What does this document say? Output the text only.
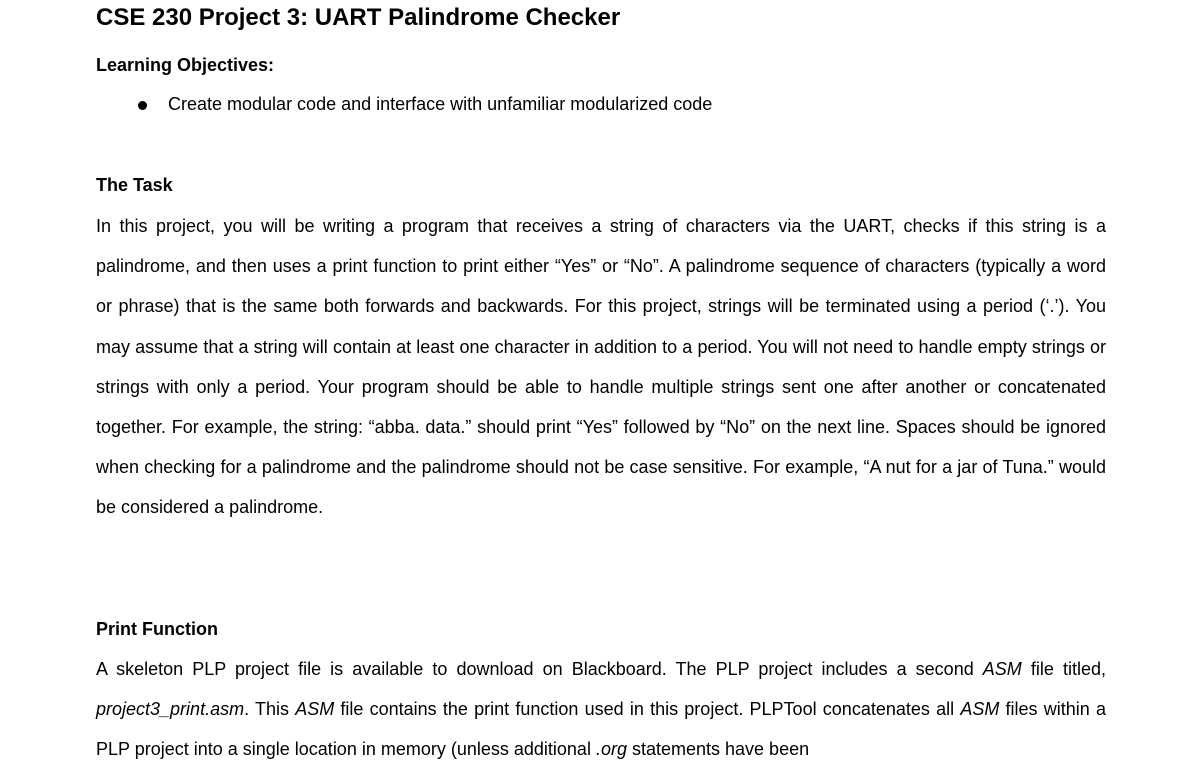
CSE 230 Project 3: UART Palindrome Checker
Learning Objectives:
Create modular code and interface with unfamiliar modularized code
The Task

In this project, you will be writing a program that receives a string of characters via the UART, checks if this string is a palindrome, and then uses a print function to print either “Yes” or “No”. A palindrome sequence of characters (typically a word or phrase) that is the same both forwards and backwards. For this project, strings will be terminated using a period (‘.’). You may assume that a string will contain at least one character in addition to a period. You will not need to handle empty strings or strings with only a period. Your program should be able to handle multiple strings sent one after another or concatenated together. For example, the string: “abba. data.” should print “Yes” followed by “No” on the next line. Spaces should be ignored when checking for a palindrome and the palindrome should not be case sensitive. For example, “A nut for a jar of Tuna.” would be considered a palindrome.

Print Function

A skeleton PLP project file is available to download on Blackboard. The PLP project includes a second ASM file titled, project3_print.asm. This ASM file contains the print function used in this project. PLPTool concatenates all ASM files within a PLP project into a single location in memory (unless additional .org statements have been
